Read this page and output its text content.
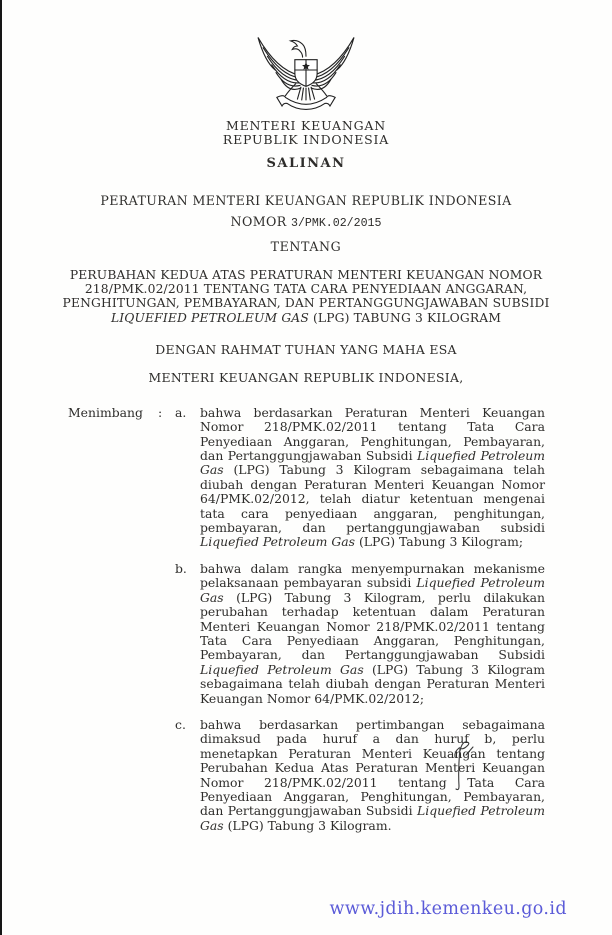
MENTERI KEUANGAN
REPUBLIK INDONESIA
SALINAN
PERATURAN MENTERI KEUANGAN REPUBLIK INDONESIA
NOMOR 3/PMK.02/2015
TENTANG
PERUBAHAN KEDUA ATAS PERATURAN MENTERI KEUANGAN NOMOR
218/PMK.02/2011 TENTANG TATA CARA PENYEDIAAN ANGGARAN,
PENGHITUNGAN, PEMBAYARAN, DAN PERTANGGUNGJAWABAN SUBSIDI
LIQUEFIED PETROLEUM GAS (LPG) TABUNG 3 KILOGRAM
DENGAN RAHMAT TUHAN YANG MAHA ESA
MENTERI KEUANGAN REPUBLIK INDONESIA,
Menimbang	:	a.	bahwa berdasarkan Peraturan Menteri Keuangan Nomor 218/PMK.02/2011 tentang Tata Cara Penyediaan Anggaran, Penghitungan, Pembayaran, dan Pertanggungjawaban Subsidi Liquefied Petroleum Gas (LPG) Tabung 3 Kilogram sebagaimana telah diubah dengan Peraturan Menteri Keuangan Nomor 64/PMK.02/2012, telah diatur ketentuan mengenai tata cara penyediaan anggaran, penghitungan, pembayaran, dan pertanggungjawaban subsidi Liquefied Petroleum Gas (LPG) Tabung 3 Kilogram;
b.	bahwa dalam rangka menyempurnakan mekanisme pelaksanaan pembayaran subsidi Liquefied Petroleum Gas (LPG) Tabung 3 Kilogram, perlu dilakukan perubahan terhadap ketentuan dalam Peraturan Menteri Keuangan Nomor 218/PMK.02/2011 tentang Tata Cara Penyediaan Anggaran, Penghitungan, Pembayaran, dan Pertanggungjawaban Subsidi Liquefied Petroleum Gas (LPG) Tabung 3 Kilogram sebagaimana telah diubah dengan Peraturan Menteri Keuangan Nomor 64/PMK.02/2012;
c.	bahwa berdasarkan pertimbangan sebagaimana dimaksud pada huruf a dan huruf b, perlu menetapkan Peraturan Menteri Keuangan tentang Perubahan Kedua Atas Peraturan Menteri Keuangan Nomor 218/PMK.02/2011 tentang Tata Cara Penyediaan Anggaran, Penghitungan, Pembayaran, dan Pertanggungjawaban Subsidi Liquefied Petroleum Gas (LPG) Tabung 3 Kilogram.
www.jdih.kemenkeu.go.id
